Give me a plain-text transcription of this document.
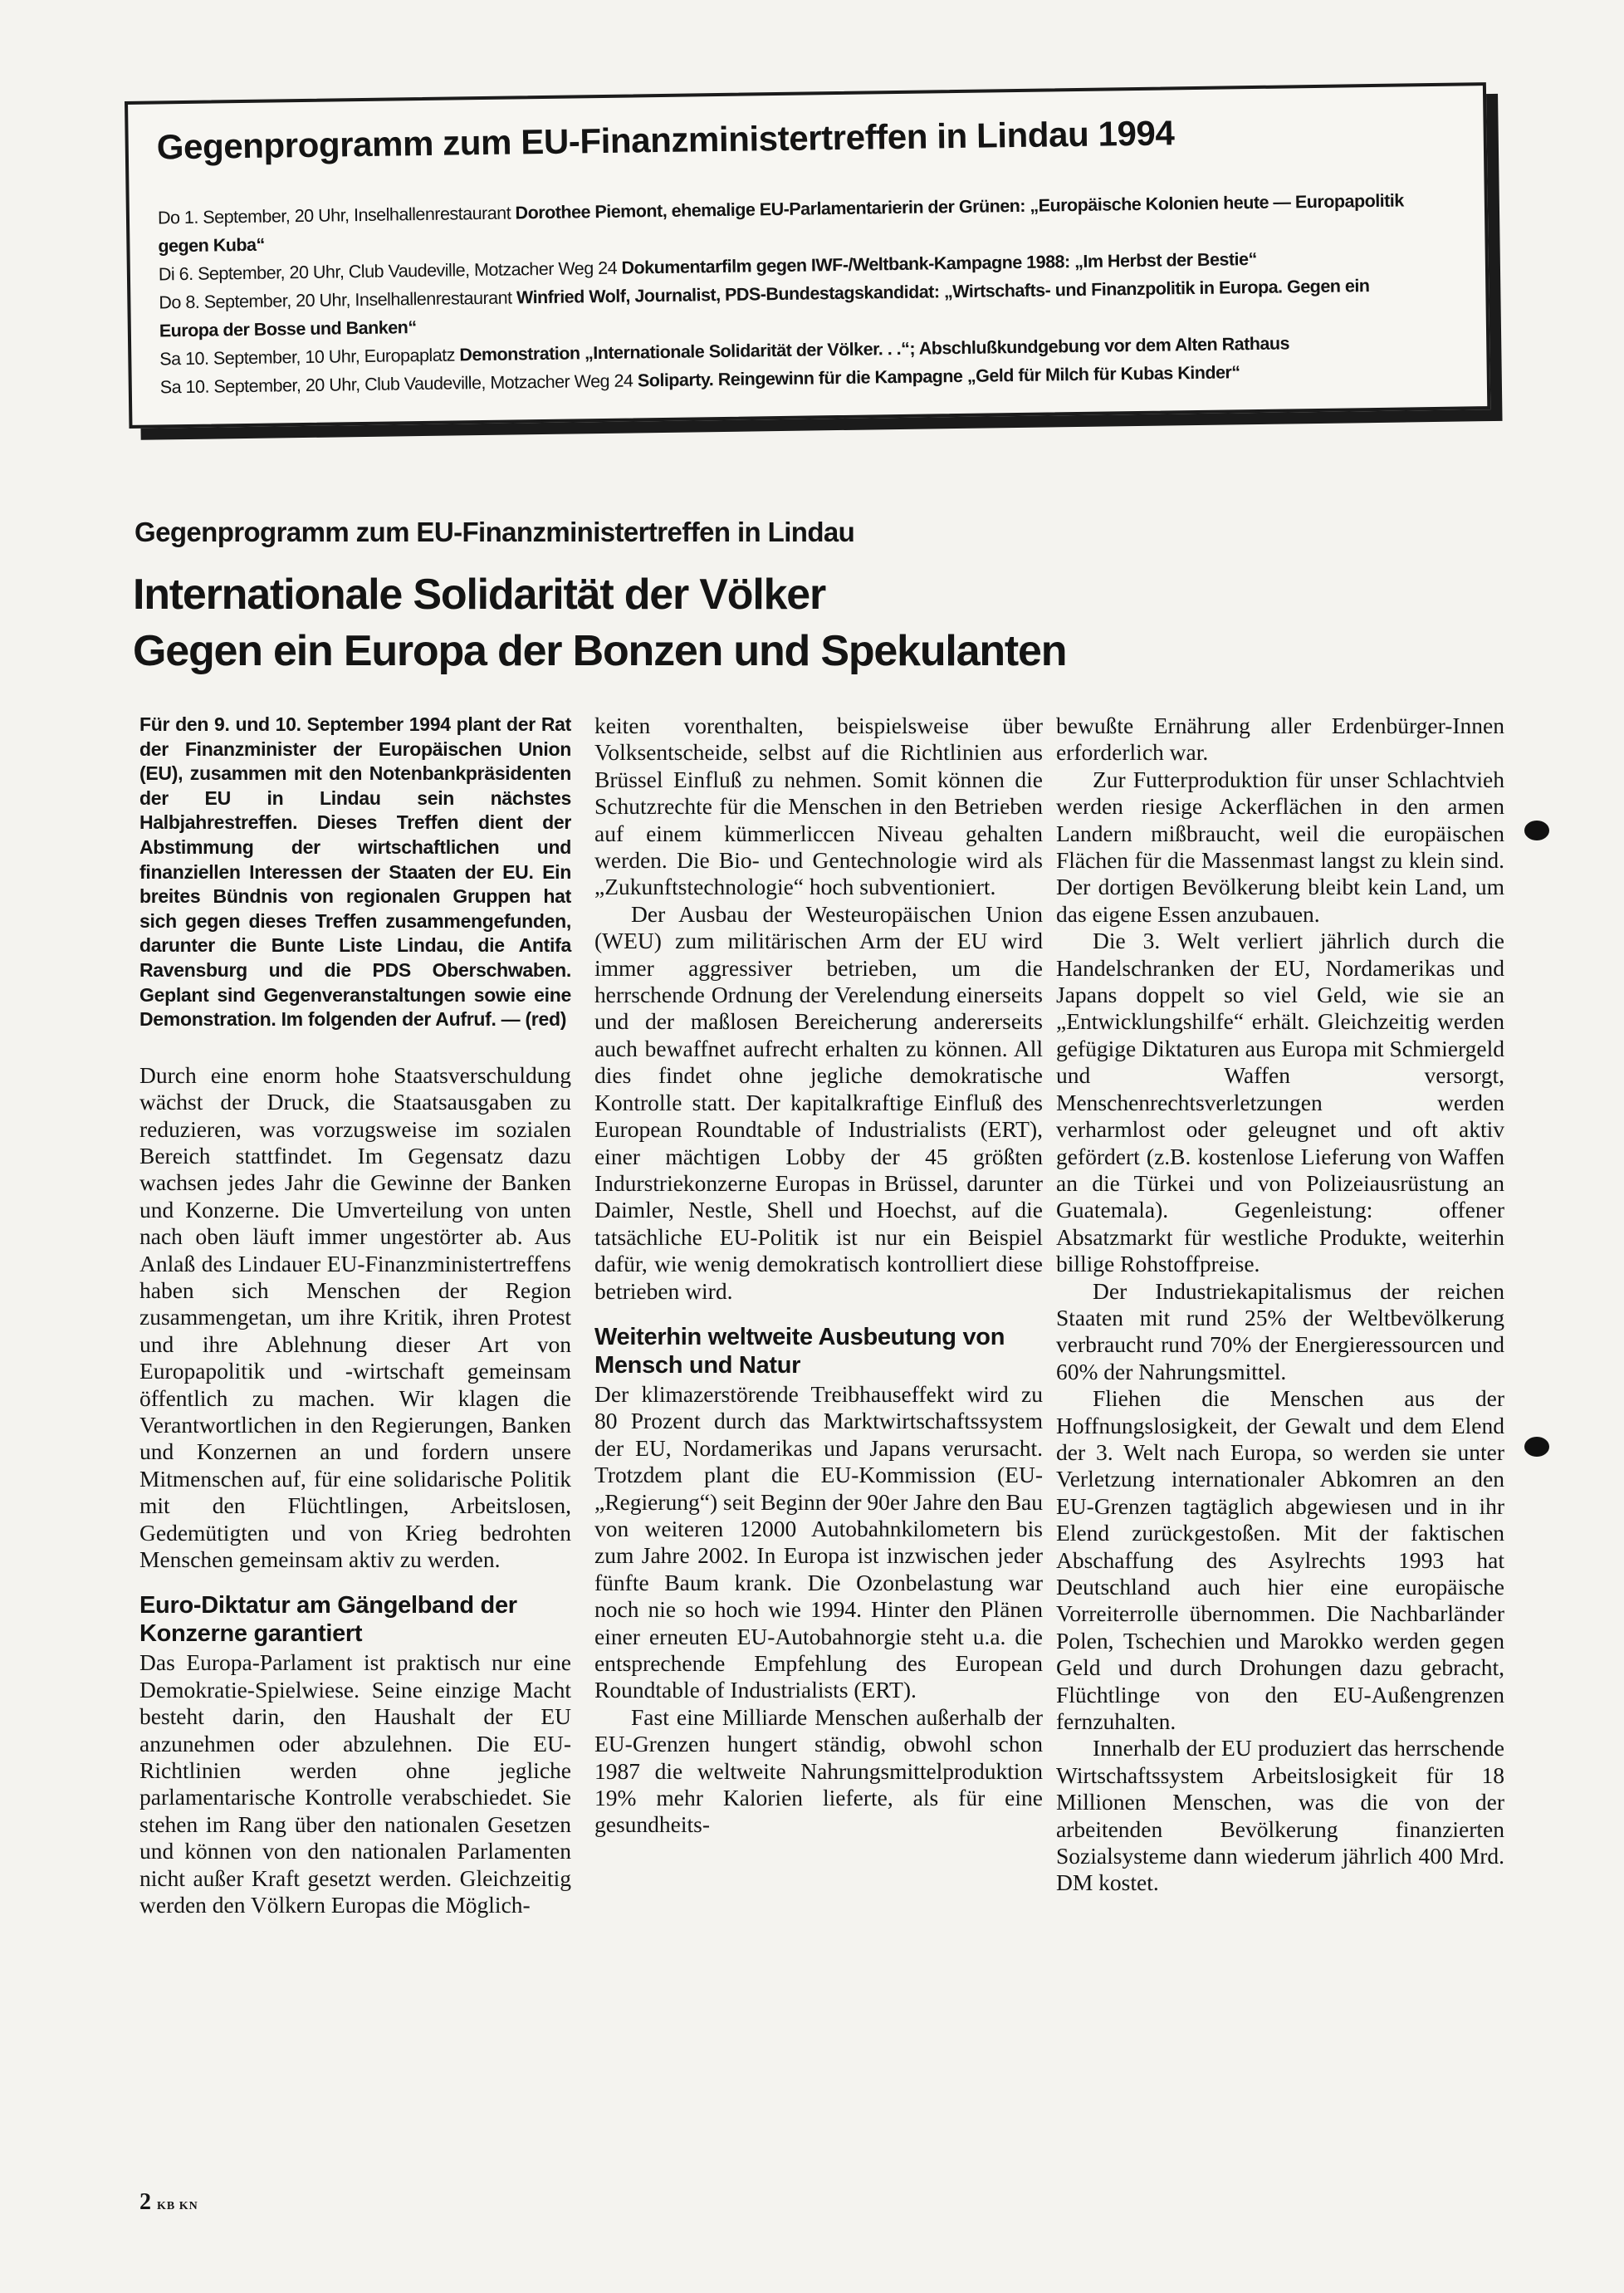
Gegenprogramm zum EU-Finanzministertreffen in Lindau 1994
Do 1. September, 20 Uhr, Inselhallenrestaurant Dorothee Piemont, ehemalige EU-Parlamentarierin der Grünen: „Europäische Kolonien heute — Europapolitik
gegen Kuba“
Di 6. September, 20 Uhr, Club Vaudeville, Motzacher Weg 24 Dokumentarfilm gegen IWF-/Weltbank-Kampagne 1988: „Im Herbst der Bestie“
Do 8. September, 20 Uhr, Inselhallenrestaurant Winfried Wolf, Journalist, PDS-Bundestagskandidat: „Wirtschafts- und Finanzpolitik in Europa. Gegen ein
Europa der Bosse und Banken“
Sa 10. September, 10 Uhr, Europaplatz Demonstration „Internationale Solidarität der Völker. . .“; Abschlußkundgebung vor dem Alten Rathaus
Sa 10. September, 20 Uhr, Club Vaudeville, Motzacher Weg 24 Soliparty. Reingewinn für die Kampagne „Geld für Milch für Kubas Kinder“
Gegenprogramm zum EU-Finanzministertreffen in Lindau
Internationale Solidarität der Völker
Gegen ein Europa der Bonzen und Spekulanten

Für den 9. und 10. September 1994 plant der Rat der Finanzminister der Europäischen Union (EU), zusammen mit den Notenbankpräsidenten der EU in Lindau sein nächstes Halbjahrestreffen. Dieses Treffen dient der Abstimmung der wirtschaftlichen und finanziellen Interessen der Staaten der EU. Ein breites Bündnis von regionalen Gruppen hat sich gegen dieses Treffen zusammengefunden, darunter die Bunte Liste Lindau, die Antifa Ravensburg und die PDS Oberschwaben. Geplant sind Gegenveranstaltungen sowie eine Demonstration. Im folgenden der Aufruf. — (red)

Durch eine enorm hohe Staatsverschuldung wächst der Druck, die Staatsausgaben zu reduzieren, was vorzugsweise im sozialen Bereich stattfindet. Im Gegensatz dazu wachsen jedes Jahr die Gewinne der Banken und Konzerne. Die Umverteilung von unten nach oben läuft immer ungestörter ab. Aus Anlaß des Lindauer EU-Finanzministertreffens haben sich Menschen der Region zusammengetan, um ihre Kritik, ihren Protest und ihre Ablehnung dieser Art von Europapolitik und -wirtschaft gemeinsam öffentlich zu machen. Wir klagen die Verantwortlichen in den Regierungen, Banken und Konzernen an und fordern unsere Mitmenschen auf, für eine solidarische Politik mit den Flüchtlingen, Arbeitslosen, Gedemütigten und von Krieg bedrohten Menschen gemeinsam aktiv zu werden.

Euro-Diktatur am Gängelband der Konzerne garantiert

Das Europa-Parlament ist praktisch nur eine Demokratie-Spielwiese. Seine einzige Macht besteht darin, den Haushalt der EU anzunehmen oder abzulehnen. Die EU-Richtlinien werden ohne jegliche parlamentarische Kontrolle verabschiedet. Sie stehen im Rang über den nationalen Gesetzen und können von den nationalen Parlamenten nicht außer Kraft gesetzt werden. Gleichzeitig werden den Völkern Europas die Möglich-

keiten vorenthalten, beispielsweise über Volksentscheide, selbst auf die Richtlinien aus Brüssel Einfluß zu nehmen. Somit können die Schutzrechte für die Menschen in den Betrieben auf einem kümmerliccen Niveau gehalten werden. Die Bio- und Gentechnologie wird als „Zukunftstechnologie“ hoch subventioniert.

Der Ausbau der Westeuropäischen Union (WEU) zum militärischen Arm der EU wird immer aggressiver betrieben, um die herrschende Ordnung der Verelendung einerseits und der maßlosen Bereicherung andererseits auch bewaffnet aufrecht erhalten zu können. All dies findet ohne jegliche demokratische Kontrolle statt. Der kapitalkraftige Einfluß des European Roundtable of Industrialists (ERT), einer mächtigen Lobby der 45 größten Indurstriekonzerne Europas in Brüssel, darunter Daimler, Nestle, Shell und Hoechst, auf die tatsächliche EU-Politik ist nur ein Beispiel dafür, wie wenig demokratisch kontrolliert diese betrieben wird.

Weiterhin weltweite Ausbeutung von Mensch und Natur

Der klimazerstörende Treibhauseffekt wird zu 80 Prozent durch das Marktwirtschaftssystem der EU, Nordamerikas und Japans verursacht. Trotzdem plant die EU-Kommission (EU-„Regierung“) seit Beginn der 90er Jahre den Bau von weiteren 12000 Autobahnkilometern bis zum Jahre 2002. In Europa ist inzwischen jeder fünfte Baum krank. Die Ozonbelastung war noch nie so hoch wie 1994. Hinter den Plänen einer erneuten EU-Autobahnorgie steht u.a. die entsprechende Empfehlung des European Roundtable of Industrialists (ERT).

Fast eine Milliarde Menschen außerhalb der EU-Grenzen hungert ständig, obwohl schon 1987 die weltweite Nahrungsmittelproduktion 19% mehr Kalorien lieferte, als für eine gesundheits-

bewußte Ernährung aller Erdenbürger-Innen erforderlich war.

Zur Futterproduktion für unser Schlachtvieh werden riesige Ackerflächen in den armen Landern mißbraucht, weil die europäischen Flächen für die Massenmast langst zu klein sind. Der dortigen Bevölkerung bleibt kein Land, um das eigene Essen anzubauen.

Die 3. Welt verliert jährlich durch die Handelschranken der EU, Nordamerikas und Japans doppelt so viel Geld, wie sie an „Entwicklungshilfe“ erhält. Gleichzeitig werden gefügige Diktaturen aus Europa mit Schmiergeld und Waffen versorgt, Menschenrechtsverletzungen werden verharmlost oder geleugnet und oft aktiv gefördert (z.B. kostenlose Lieferung von Waffen an die Türkei und von Polizeiausrüstung an Guatemala). Gegenleistung: offener Absatzmarkt für westliche Produkte, weiterhin billige Rohstoffpreise.

Der Industriekapitalismus der reichen Staaten mit rund 25% der Weltbevölkerung verbraucht rund 70% der Energieressourcen und 60% der Nahrungsmittel.

Fliehen die Menschen aus der Hoffnungslosigkeit, der Gewalt und dem Elend der 3. Welt nach Europa, so werden sie unter Verletzung internationaler Abkomren an den EU-Grenzen tagtäglich abgewiesen und in ihr Elend zurückgestoßen. Mit der faktischen Abschaffung des Asylrechts 1993 hat Deutschland auch hier eine europäische Vorreiterrolle übernommen. Die Nachbarländer Polen, Tschechien und Marokko werden gegen Geld und durch Drohungen dazu gebracht, Flüchtlinge von den EU-Außengrenzen fernzuhalten.

Innerhalb der EU produziert das herrschende Wirtschaftssystem Arbeitslosigkeit für 18 Millionen Menschen, was die von der arbeitenden Bevölkerung finanzierten Sozialsysteme dann wiederum jährlich 400 Mrd. DM kostet.

2 KB KN
